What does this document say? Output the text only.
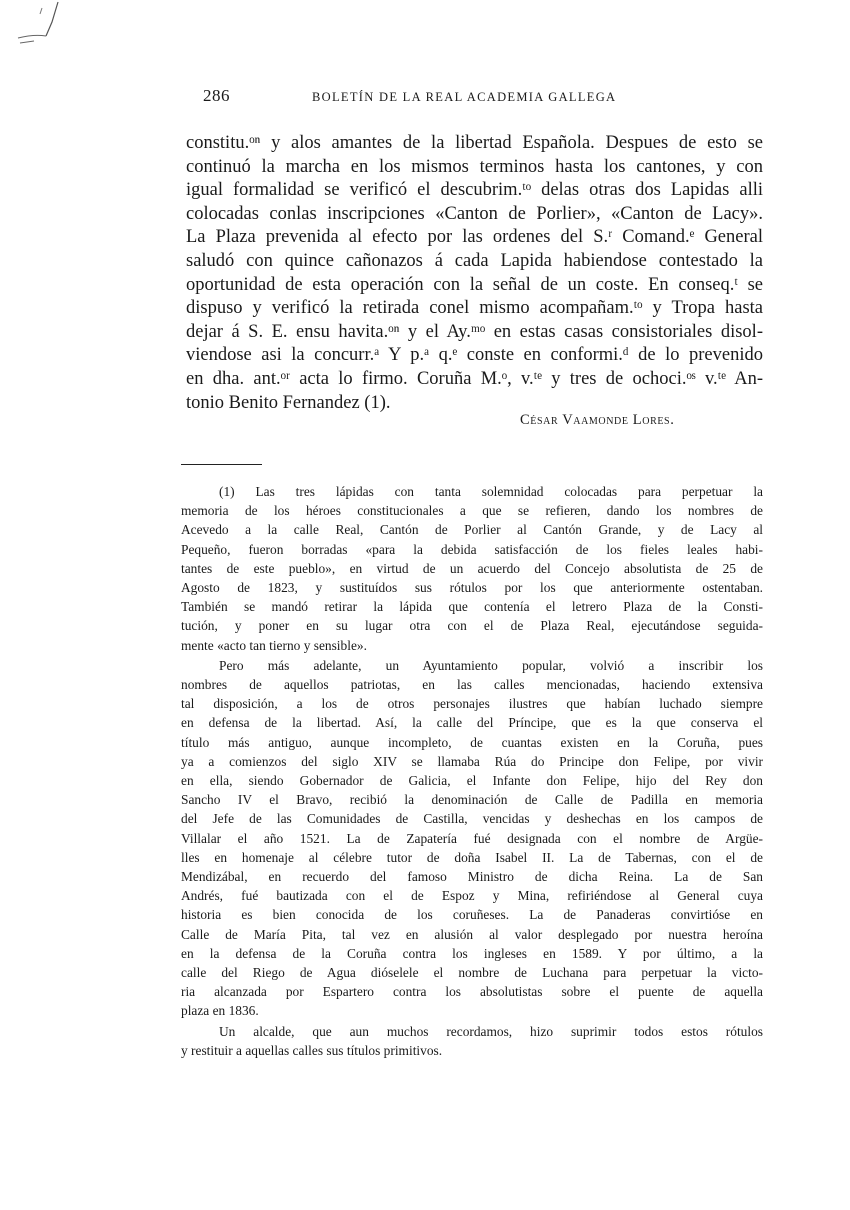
286	BOLETÍN DE LA REAL ACADEMIA GALLEGA
constitu.ᵒⁿ y alos amantes de la libertad Española. Despues de esto se
continuó la marcha en los mismos terminos hasta los cantones, y con
igual formalidad se verificó el descubrim.ᵗᵒ delas otras dos Lapidas alli
colocadas conlas inscripciones «Canton de Porlier», «Canton de Lacy».
La Plaza prevenida al efecto por las ordenes del S.ʳ Comand.ᵉ General
saludó con quince cañonazos á cada Lapida habiendose contestado la
oportunidad de esta operación con la señal de un coste. En conseq.ᵗ se
dispuso y verificó la retirada conel mismo acompañam.ᵗᵒ y Tropa hasta
dejar á S. E. ensu havita.ᵒⁿ y el Ay.ᵐᵒ en estas casas consistoriales disol-
viendose asi la concurr.ᵃ Y p.ᵃ q.ᵉ conste en conformi.ᵈ de lo prevenido
en dha. ant.ᵒʳ acta lo firmo. Coruña M.ᵒ, v.ᵗᵉ y tres de ochoci.ᵒˢ v.ᵗᵉ An-
tonio Benito Fernandez (1).
César Vaamonde Lores.

(1) Las tres lápidas con tanta solemnidad colocadas para perpetuar la
memoria de los héroes constitucionales a que se refieren, dando los nombres de
Acevedo a la calle Real, Cantón de Porlier al Cantón Grande, y de Lacy al
Pequeño, fueron borradas «para la debida satisfacción de los fieles leales habi-
tantes de este pueblo», en virtud de un acuerdo del Concejo absolutista de 25 de
Agosto de 1823, y sustituídos sus rótulos por los que anteriormente ostentaban.
También se mandó retirar la lápida que contenía el letrero Plaza de la Consti-
tución, y poner en su lugar otra con el de Plaza Real, ejecutándose seguida-
mente «acto tan tierno y sensible».

Pero más adelante, un Ayuntamiento popular, volvió a inscribir los
nombres de aquellos patriotas, en las calles mencionadas, haciendo extensiva
tal disposición, a los de otros personajes ilustres que habían luchado siempre
en defensa de la libertad. Así, la calle del Príncipe, que es la que conserva el
título más antiguo, aunque incompleto, de cuantas existen en la Coruña, pues
ya a comienzos del siglo XIV se llamaba Rúa do Principe don Felipe, por vivir
en ella, siendo Gobernador de Galicia, el Infante don Felipe, hijo del Rey don
Sancho IV el Bravo, recibió la denominación de Calle de Padilla en memoria
del Jefe de las Comunidades de Castilla, vencidas y deshechas en los campos de
Villalar el año 1521. La de Zapatería fué designada con el nombre de Argüe-
lles en homenaje al célebre tutor de doña Isabel II. La de Tabernas, con el de
Mendizábal, en recuerdo del famoso Ministro de dicha Reina. La de San
Andrés, fué bautizada con el de Espoz y Mina, refiriéndose al General cuya
historia es bien conocida de los coruñeses. La de Panaderas convirtióse en
Calle de María Pita, tal vez en alusión al valor desplegado por nuestra heroína
en la defensa de la Coruña contra los ingleses en 1589. Y por último, a la
calle del Riego de Agua dióselele el nombre de Luchana para perpetuar la victo-
ria alcanzada por Espartero contra los absolutistas sobre el puente de aquella
plaza en 1836.

Un alcalde, que aun muchos recordamos, hizo suprimir todos estos rótulos
y restituir a aquellas calles sus títulos primitivos.
